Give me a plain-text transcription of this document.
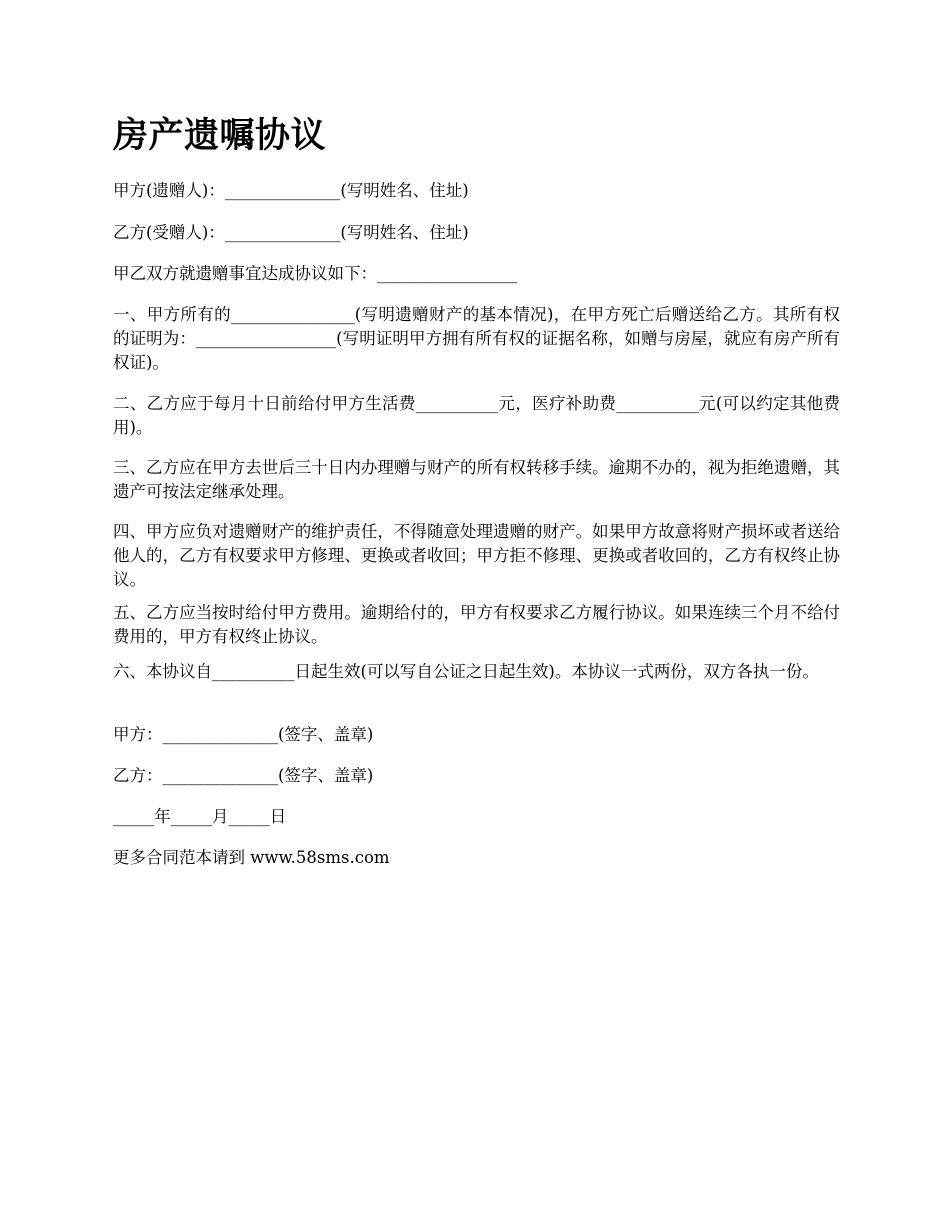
房产遗嘱协议

甲方(遗赠人)：______________(写明姓名、住址)

乙方(受赠人)：______________(写明姓名、住址)

甲乙双方就遗赠事宜达成协议如下：_________________

一、甲方所有的_______________(写明遗赠财产的基本情况)，在甲方死亡后赠送给乙方。其所有权的证明为：_________________(写明证明甲方拥有所有权的证据名称，如赠与房屋，就应有房产所有权证)。

二、乙方应于每月十日前给付甲方生活费__________元，医疗补助费__________元(可以约定其他费用)。

三、乙方应在甲方去世后三十日内办理赠与财产的所有权转移手续。逾期不办的，视为拒绝遗赠，其遗产可按法定继承处理。

四、甲方应负对遗赠财产的维护责任，不得随意处理遗赠的财产。如果甲方故意将财产损坏或者送给他人的，乙方有权要求甲方修理、更换或者收回；甲方拒不修理、更换或者收回的，乙方有权终止协议。

五、乙方应当按时给付甲方费用。逾期给付的，甲方有权要求乙方履行协议。如果连续三个月不给付费用的，甲方有权终止协议。

六、本协议自__________日起生效(可以写自公证之日起生效)。本协议一式两份，双方各执一份。

甲方：______________(签字、盖章)

乙方：______________(签字、盖章)

_____年_____月_____日

更多合同范本请到 www.58sms.com
